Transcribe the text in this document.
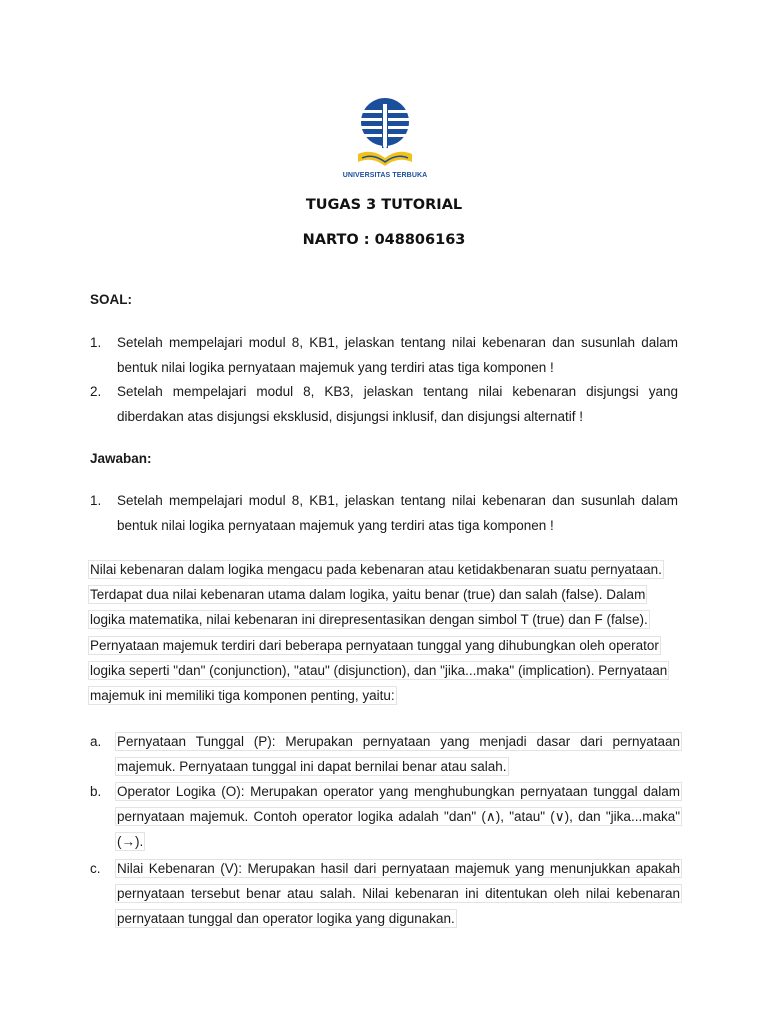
UNIVERSITAS TERBUKA
TUGAS 3 TUTORIAL
NARTO : 048806163
SOAL:
1.	Setelah mempelajari modul 8, KB1, jelaskan tentang nilai kebenaran dan susunlah dalam bentuk nilai logika pernyataan majemuk yang terdiri atas tiga komponen !
2.	Setelah mempelajari modul 8, KB3, jelaskan tentang nilai kebenaran disjungsi yang diberdakan atas disjungsi eksklusid, disjungsi inklusif, dan disjungsi alternatif !
Jawaban:
1.	Setelah mempelajari modul 8, KB1, jelaskan tentang nilai kebenaran dan susunlah dalam bentuk nilai logika pernyataan majemuk yang terdiri atas tiga komponen !
Nilai kebenaran dalam logika mengacu pada kebenaran atau ketidakbenaran suatu pernyataan. Terdapat dua nilai kebenaran utama dalam logika, yaitu benar (true) dan salah (false). Dalam logika matematika, nilai kebenaran ini direpresentasikan dengan simbol T (true) dan F (false). Pernyataan majemuk terdiri dari beberapa pernyataan tunggal yang dihubungkan oleh operator logika seperti "dan" (conjunction), "atau" (disjunction), dan "jika...maka" (implication). Pernyataan majemuk ini memiliki tiga komponen penting, yaitu:
a.	Pernyataan Tunggal (P): Merupakan pernyataan yang menjadi dasar dari pernyataan majemuk. Pernyataan tunggal ini dapat bernilai benar atau salah.
b.	Operator Logika (O): Merupakan operator yang menghubungkan pernyataan tunggal dalam pernyataan majemuk. Contoh operator logika adalah "dan" (∧), "atau" (∨), dan "jika...maka" (→).
c.	Nilai Kebenaran (V): Merupakan hasil dari pernyataan majemuk yang menunjukkan apakah pernyataan tersebut benar atau salah. Nilai kebenaran ini ditentukan oleh nilai kebenaran pernyataan tunggal dan operator logika yang digunakan.
